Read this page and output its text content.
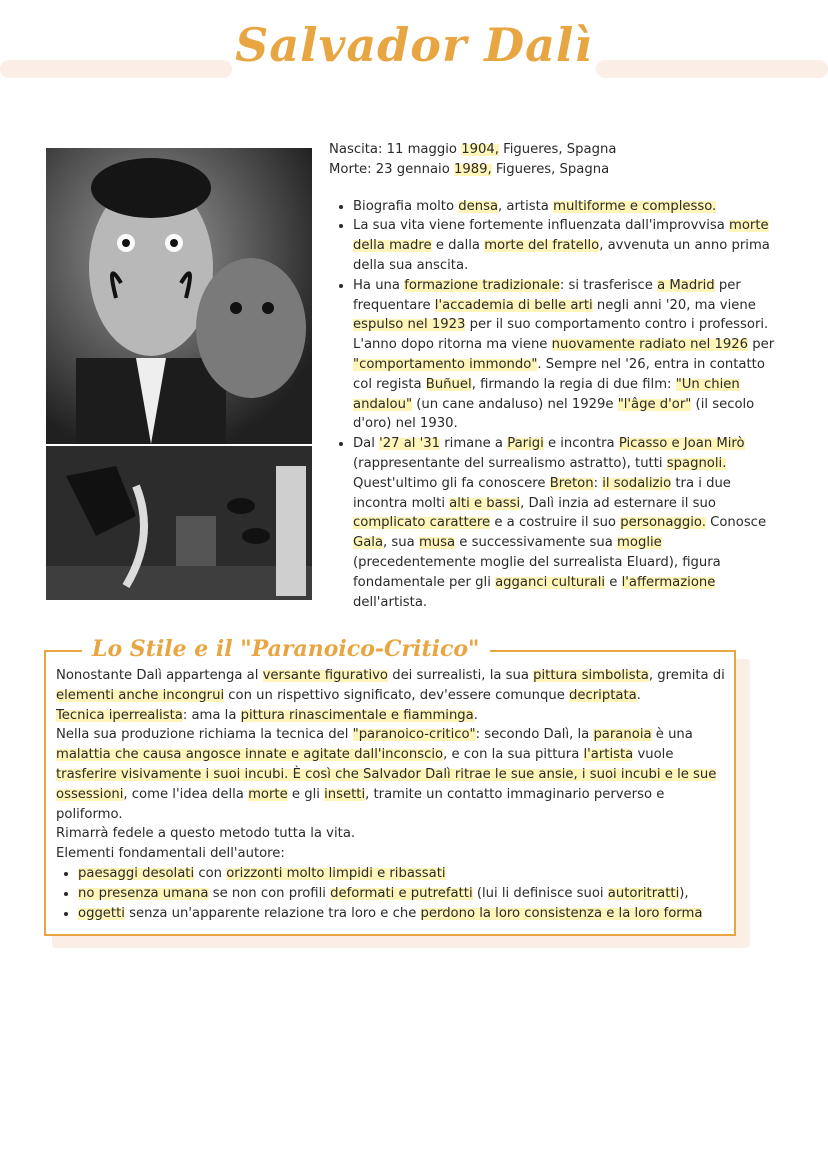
Salvador Dalì

Nascita: 11 maggio 1904, Figueres, Spagna

Morte: 23 gennaio 1989, Figueres, Spagna

• Biografia molto densa, artista multiforme e complesso.
• La sua vita viene fortemente influenzata dall'improvvisa morte della madre e dalla morte del fratello, avvenuta un anno prima della sua anscita.
• Ha una formazione tradizionale: si trasferisce a Madrid per frequentare l'accademia di belle arti negli anni '20, ma viene espulso nel 1923 per il suo comportamento contro i professori. L'anno dopo ritorna ma viene nuovamente radiato nel 1926 per "comportamento immondo". Sempre nel '26, entra in contatto col regista Buñuel, firmando la regia di due film: "Un chien andalou" (un cane andaluso) nel 1929e "l'âge d'or" (il secolo d'oro) nel 1930.
• Dal '27 al '31 rimane a Parigi e incontra Picasso e Joan Mirò (rappresentante del surrealismo astratto), tutti spagnoli. Quest'ultimo gli fa conoscere Breton: il sodalizio tra i due incontra molti alti e bassi, Dalì inzia ad esternare il suo complicato carattere e a costruire il suo personaggio. Conosce Gala, sua musa e successivamente sua moglie (precedentemente moglie del surrealista Eluard), figura fondamentale per gli agganci culturali e l'affermazione dell'artista.
Lo Stile e il "Paranoico-Critico"

Nonostante Dalì appartenga al versante figurativo dei surrealisti, la sua pittura simbolista, gremita di elementi anche incongrui con un rispettivo significato, dev'essere comunque decriptata.

Tecnica iperrealista: ama la pittura rinascimentale e fiamminga.

Nella sua produzione richiama la tecnica del "paranoico-critico": secondo Dalì, la paranoia è una malattia che causa angosce innate e agitate dall'inconscio, e con la sua pittura l'artista vuole trasferire visivamente i suoi incubi. È così che Salvador Dalì ritrae le sue ansie, i suoi incubi e le sue ossessioni, come l'idea della morte e gli insetti, tramite un contatto immaginario perverso e poliformo.

Rimarrà fedele a questo metodo tutta la vita.

Elementi fondamentali dell'autore:

• paesaggi desolati con orizzonti molto limpidi e ribassati
• no presenza umana se non con profili deformati e putrefatti (lui li definisce suoi autoritratti),
• oggetti senza un'apparente relazione tra loro e che perdono la loro consistenza e la loro forma
